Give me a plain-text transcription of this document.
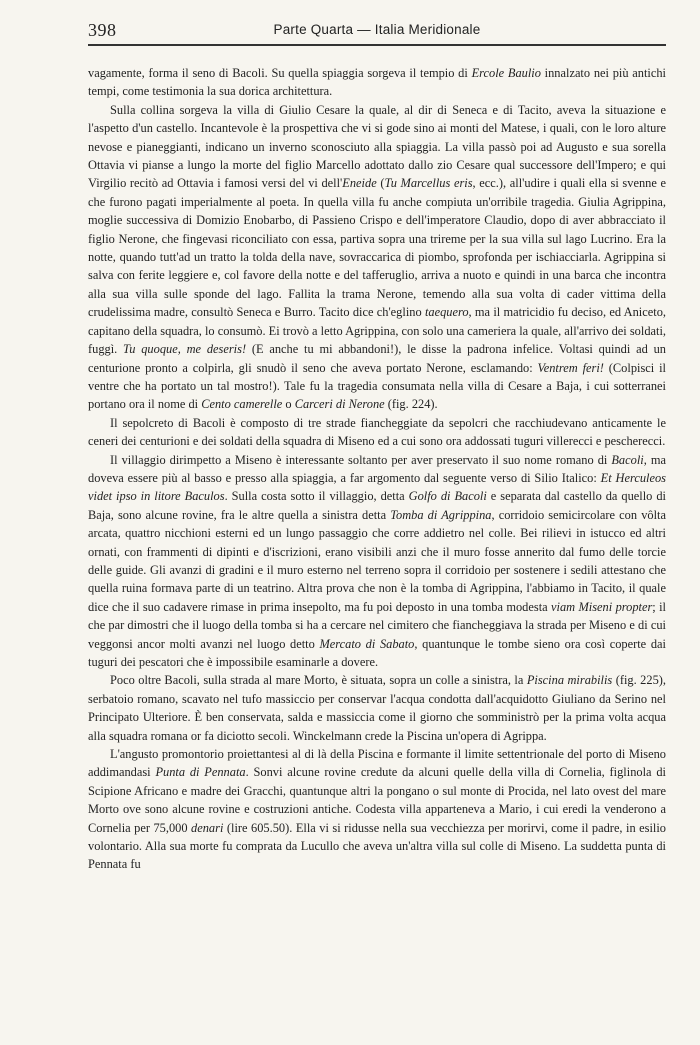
398	Parte Quarta — Italia Meridionale

vagamente, forma il seno di Bacoli. Su quella spiaggia sorgeva il tempio di Ercole Baulio innalzato nei più antichi tempi, come testimonia la sua dorica architettura.

Sulla collina sorgeva la villa di Giulio Cesare la quale, al dir di Seneca e di Tacito, aveva la situazione e l'aspetto d'un castello. Incantevole è la prospettiva che vi si gode sino ai monti del Matese, i quali, con le loro alture nevose e pianeggianti, indicano un inverno sconosciuto alla spiaggia. La villa passò poi ad Augusto e sua sorella Ottavia vi pianse a lungo la morte del figlio Marcello adottato dallo zio Cesare qual successore dell'Impero; e qui Virgilio recitò ad Ottavia i famosi versi del vi dell'Eneide (Tu Marcellus eris, ecc.), all'udire i quali ella si svenne e che furono pagati imperialmente al poeta. In quella villa fu anche compiuta un'orribile tragedia. Giulia Agrippina, moglie successiva di Domizio Enobarbo, di Passieno Crispo e dell'imperatore Claudio, dopo di aver abbracciato il figlio Nerone, che fingevasi riconciliato con essa, partiva sopra una trireme per la sua villa sul lago Lucrino. Era la notte, quando tutt'ad un tratto la tolda della nave, sovraccarica di piombo, sprofonda per ischiacciarla. Agrippina si salva con ferite leggiere e, col favore della notte e del tafferuglio, arriva a nuoto e quindi in una barca che incontra alla sua villa sulle sponde del lago. Fallita la trama Nerone, temendo alla sua volta di cader vittima della crudelissima madre, consultò Seneca e Burro. Tacito dice ch'eglino taequero, ma il matricidio fu deciso, ed Aniceto, capitano della squadra, lo consumò. Ei trovò a letto Agrippina, con solo una cameriera la quale, all'arrivo dei soldati, fuggì. Tu quoque, me deseris! (E anche tu mi abbandoni!), le disse la padrona infelice. Voltasi quindi ad un centurione pronto a colpirla, gli snudò il seno che aveva portato Nerone, esclamando: Ventrem feri! (Colpisci il ventre che ha portato un tal mostro!). Tale fu la tragedia consumata nella villa di Cesare a Baja, i cui sotterranei portano ora il nome di Cento camerelle o Carceri di Nerone (fig. 224).

Il sepolcreto di Bacoli è composto di tre strade fiancheggiate da sepolcri che racchiudevano anticamente le ceneri dei centurioni e dei soldati della squadra di Miseno ed a cui sono ora addossati tuguri villerecci e pescherecci.

Il villaggio dirimpetto a Miseno è interessante soltanto per aver preservato il suo nome romano di Bacoli, ma doveva essere più al basso e presso alla spiaggia, a far argomento dal seguente verso di Silio Italico: Et Herculeos videt ipso in litore Baculos. Sulla costa sotto il villaggio, detta Golfo di Bacoli e separata dal castello da quello di Baja, sono alcune rovine, fra le altre quella a sinistra detta Tomba di Agrippina, corridoio semicircolare con vôlta arcata, quattro nicchioni esterni ed un lungo passaggio che corre addietro nel colle. Bei rilievi in istucco ed altri ornati, con frammenti di dipinti e d'iscrizioni, erano visibili anzi che il muro fosse annerito dal fumo delle torcie delle guide. Gli avanzi di gradini e il muro esterno nel terreno sopra il corridoio per sostenere i sedili attestano che quella ruina formava parte di un teatrino. Altra prova che non è la tomba di Agrippina, l'abbiamo in Tacito, il quale dice che il suo cadavere rimase in prima insepolto, ma fu poi deposto in una tomba modesta viam Miseni propter; il che par dimostri che il luogo della tomba si ha a cercare nel cimitero che fiancheggiava la strada per Miseno e di cui veggonsi ancor molti avanzi nel luogo detto Mercato di Sabato, quantunque le tombe sieno ora così coperte dai tuguri dei pescatori che è impossibile esaminarle a dovere.

Poco oltre Bacoli, sulla strada al mare Morto, è situata, sopra un colle a sinistra, la Piscina mirabilis (fig. 225), serbatoio romano, scavato nel tufo massiccio per conservar l'acqua condotta dall'acquidotto Giuliano da Serino nel Principato Ulteriore. È ben conservata, salda e massiccia come il giorno che somministrò per la prima volta acqua alla squadra romana or fa diciotto secoli. Winckelmann crede la Piscina un'opera di Agrippa.

L'angusto promontorio proiettantesi al di là della Piscina e formante il limite settentrionale del porto di Miseno addimandasi Punta di Pennata. Sonvi alcune rovine credute da alcuni quelle della villa di Cornelia, figlinola di Scipione Africano e madre dei Gracchi, quantunque altri la pongano o sul monte di Procida, nel lato ovest del mare Morto ove sono alcune rovine e costruzioni antiche. Codesta villa apparteneva a Mario, i cui eredi la venderono a Cornelia per 75,000 denari (lire 605.50). Ella vi si ridusse nella sua vecchiezza per morirvi, come il padre, in esilio volontario. Alla sua morte fu comprata da Lucullo che aveva un'altra villa sul colle di Miseno. La suddetta punta di Pennata fu
